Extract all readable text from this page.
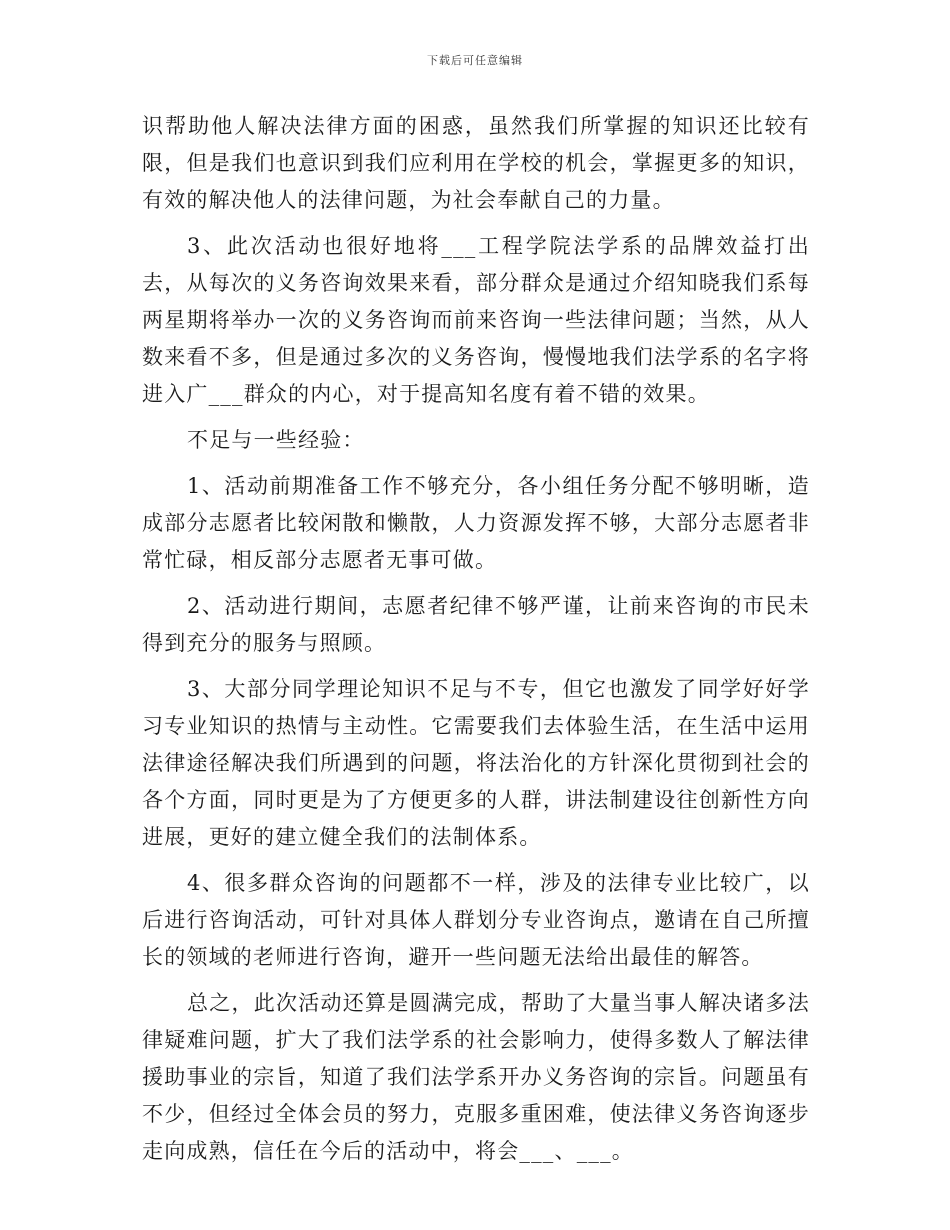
下载后可任意编辑

识帮助他人解决法律方面的困惑，虽然我们所掌握的知识还比较有限，但是我们也意识到我们应利用在学校的机会，掌握更多的知识，有效的解决他人的法律问题，为社会奉献自己的力量。

3、此次活动也很好地将___工程学院法学系的品牌效益打出去，从每次的义务咨询效果来看，部分群众是通过介绍知晓我们系每两星期将举办一次的义务咨询而前来咨询一些法律问题；当然，从人数来看不多，但是通过多次的义务咨询，慢慢地我们法学系的名字将进入广___群众的内心，对于提高知名度有着不错的效果。

不足与一些经验：

1、活动前期准备工作不够充分，各小组任务分配不够明晰，造成部分志愿者比较闲散和懒散，人力资源发挥不够，大部分志愿者非常忙碌，相反部分志愿者无事可做。

2、活动进行期间，志愿者纪律不够严谨，让前来咨询的市民未得到充分的服务与照顾。

3、大部分同学理论知识不足与不专，但它也激发了同学好好学习专业知识的热情与主动性。它需要我们去体验生活，在生活中运用法律途径解决我们所遇到的问题，将法治化的方针深化贯彻到社会的各个方面，同时更是为了方便更多的人群，讲法制建设往创新性方向进展，更好的建立健全我们的法制体系。

4、很多群众咨询的问题都不一样，涉及的法律专业比较广，以后进行咨询活动，可针对具体人群划分专业咨询点，邀请在自己所擅长的领域的老师进行咨询，避开一些问题无法给出最佳的解答。

总之，此次活动还算是圆满完成，帮助了大量当事人解决诸多法律疑难问题，扩大了我们法学系的社会影响力，使得多数人了解法律援助事业的宗旨，知道了我们法学系开办义务咨询的宗旨。问题虽有不少，但经过全体会员的努力，克服多重困难，使法律义务咨询逐步走向成熟，信任在今后的活动中，将会___、___。
